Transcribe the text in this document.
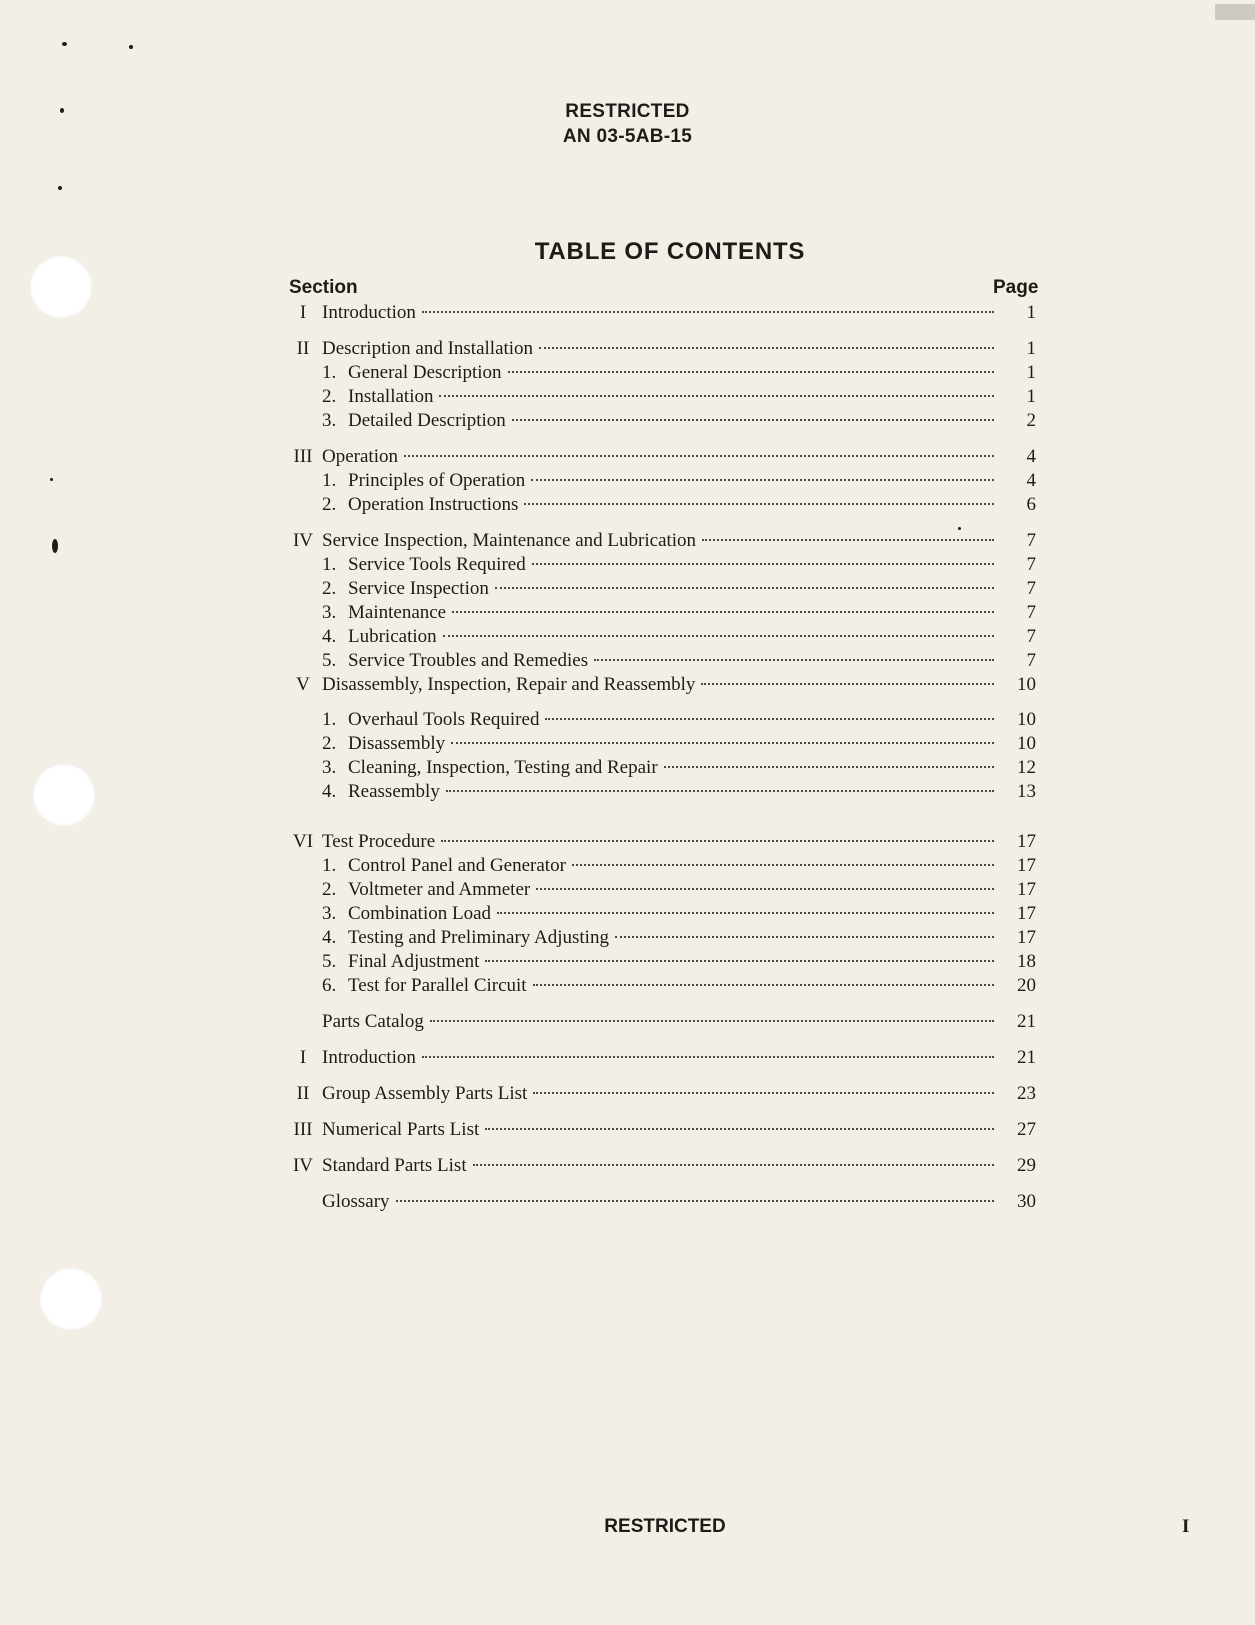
RESTRICTED
AN 03-5AB-15
TABLE OF CONTENTS
Section	Page
I Introduction	1
II Description and Installation	1
1. General Description	1
2. Installation	1
3. Detailed Description	2
III Operation	4
1. Principles of Operation	4
2. Operation Instructions	6
IV Service Inspection, Maintenance and Lubrication	7
1. Service Tools Required	7
2. Service Inspection	7
3. Maintenance	7
4. Lubrication	7
5. Service Troubles and Remedies	7
V Disassembly, Inspection, Repair and Reassembly	10
1. Overhaul Tools Required	10
2. Disassembly	10
3. Cleaning, Inspection, Testing and Repair	12
4. Reassembly	13
VI Test Procedure	17
1. Control Panel and Generator	17
2. Voltmeter and Ammeter	17
3. Combination Load	17
4. Testing and Preliminary Adjusting	17
5. Final Adjustment	18
6. Test for Parallel Circuit	20
Parts Catalog	21
I Introduction	21
II Group Assembly Parts List	23
III Numerical Parts List	27
IV Standard Parts List	29
Glossary	30
RESTRICTED	I
